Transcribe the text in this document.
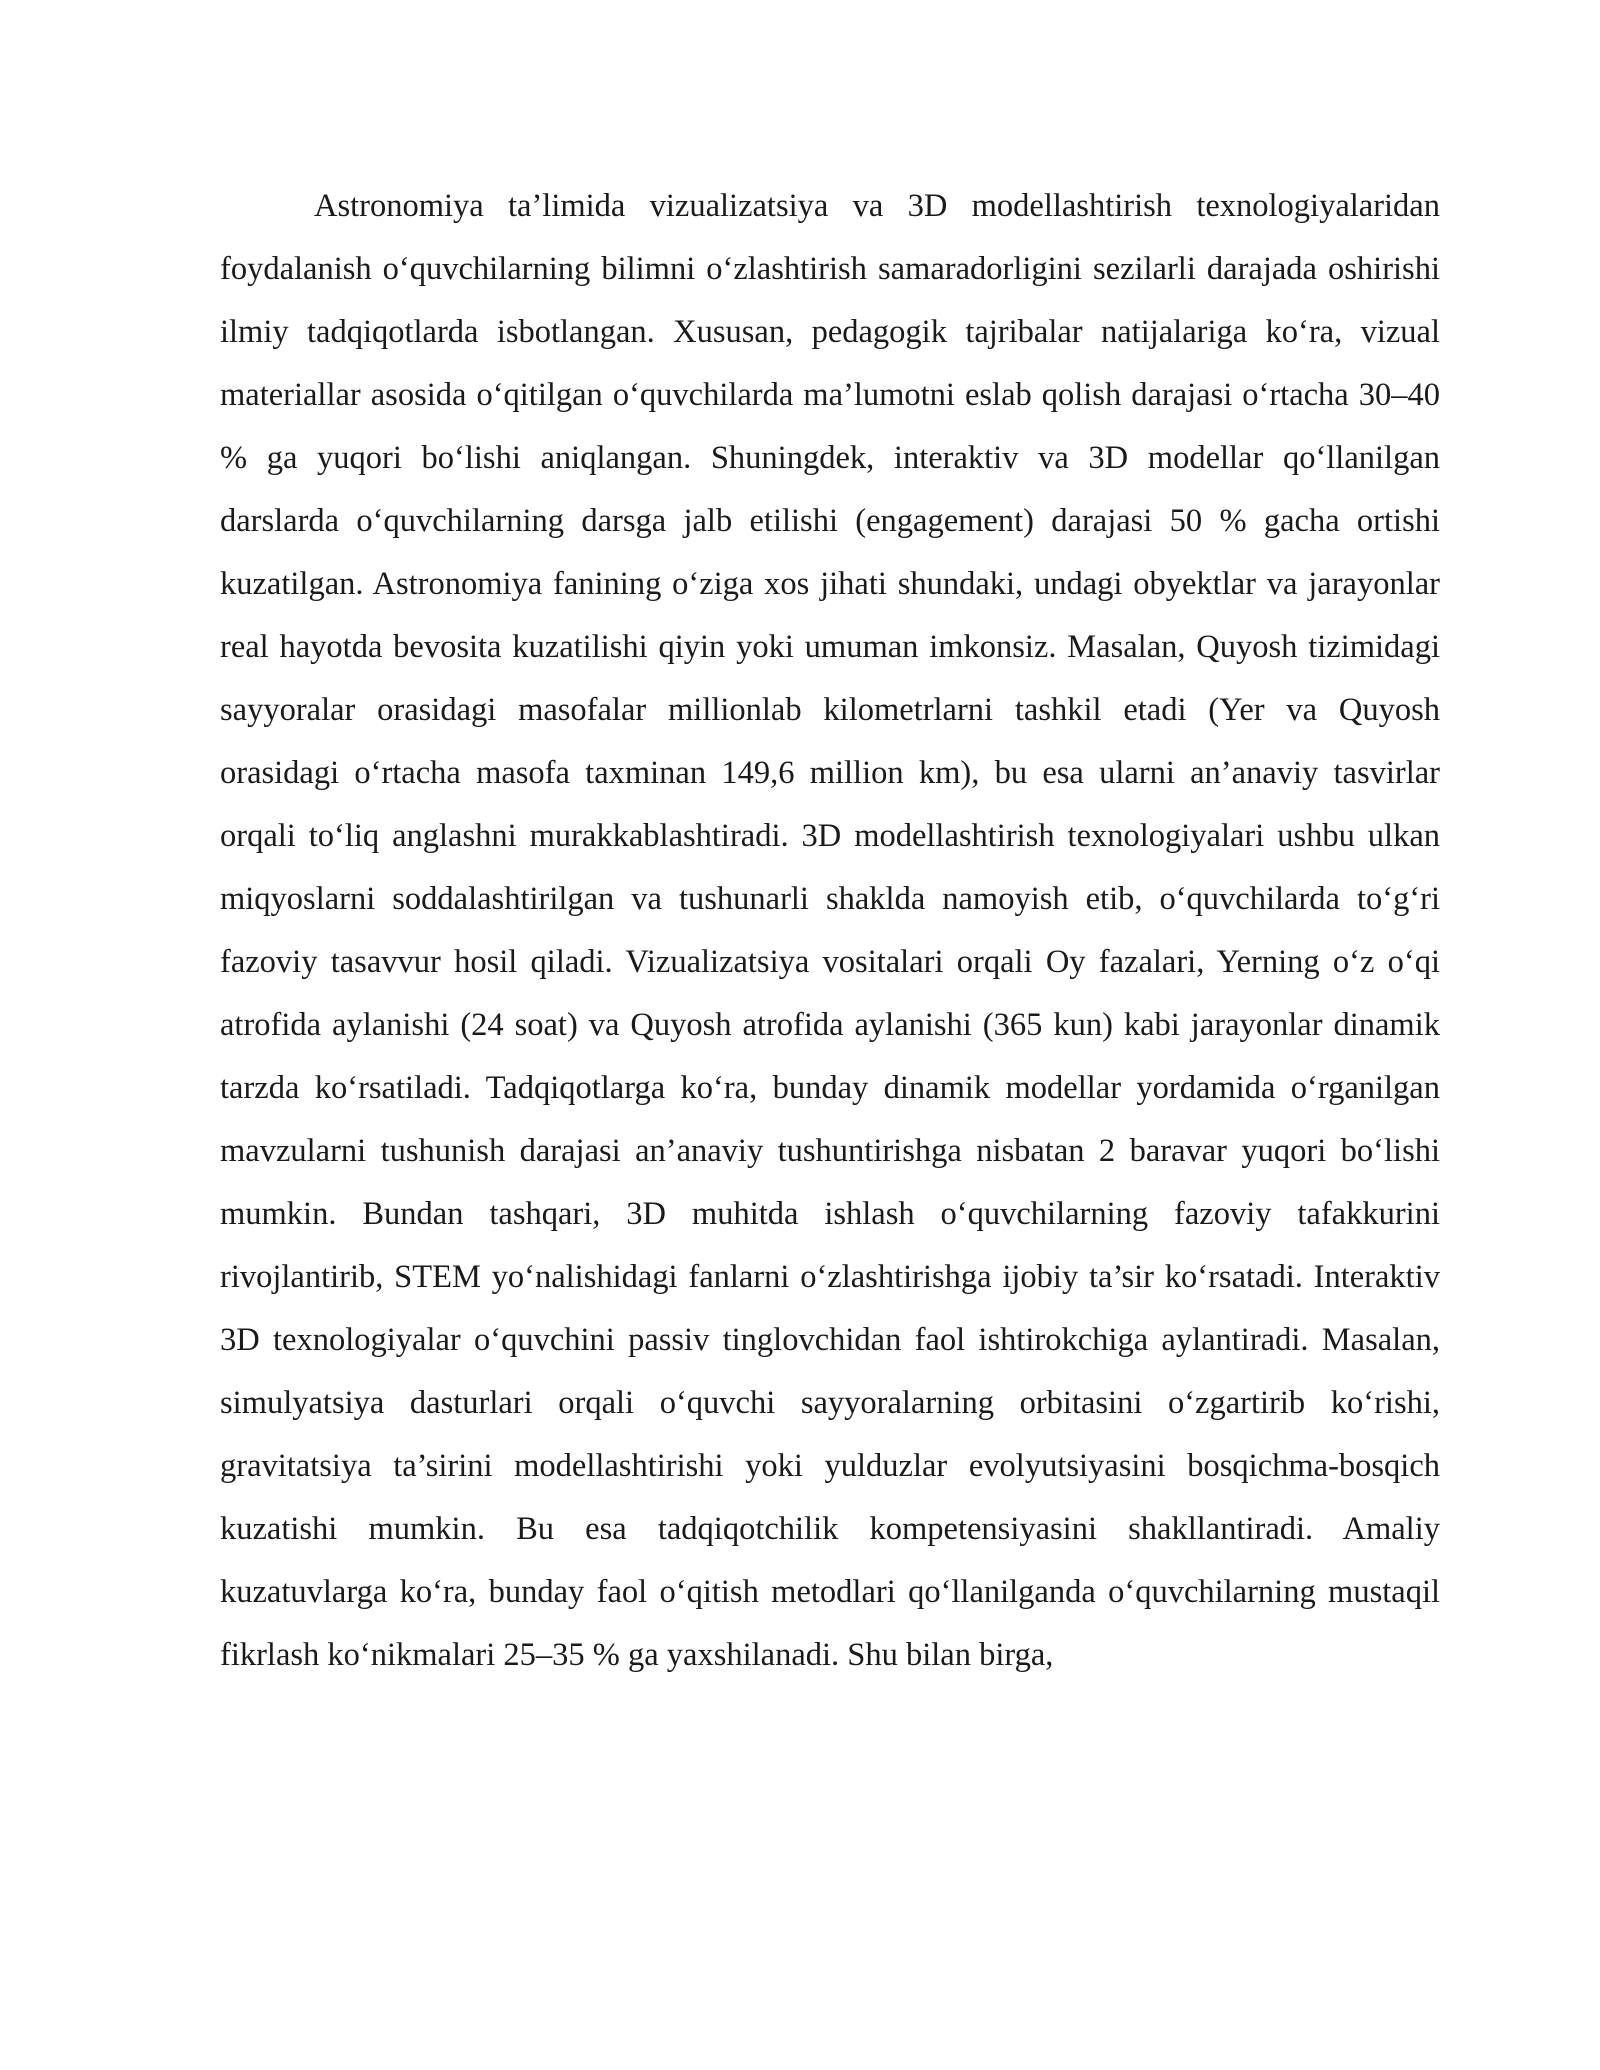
Astronomiya ta’limida vizualizatsiya va 3D modellashtirish texnologiyalaridan foydalanish o‘quvchilarning bilimni o‘zlashtirish samaradorligini sezilarli darajada oshirishi ilmiy tadqiqotlarda isbotlangan. Xususan, pedagogik tajribalar natijalariga ko‘ra, vizual materiallar asosida o‘qitilgan o‘quvchilarda ma’lumotni eslab qolish darajasi o‘rtacha 30–40 % ga yuqori bo‘lishi aniqlangan. Shuningdek, interaktiv va 3D modellar qo‘llanilgan darslarda o‘quvchilarning darsga jalb etilishi (engagement) darajasi 50 % gacha ortishi kuzatilgan. Astronomiya fanining o‘ziga xos jihati shundaki, undagi obyektlar va jarayonlar real hayotda bevosita kuzatilishi qiyin yoki umuman imkonsiz. Masalan, Quyosh tizimidagi sayyoralar orasidagi masofalar millionlab kilometrlarni tashkil etadi (Yer va Quyosh orasidagi o‘rtacha masofa taxminan 149,6 million km), bu esa ularni an’anaviy tasvirlar orqali to‘liq anglashni murakkablashtiradi. 3D modellashtirish texnologiyalari ushbu ulkan miqyoslarni soddalashtirilgan va tushunarli shaklda namoyish etib, o‘quvchilarda to‘g‘ri fazoviy tasavvur hosil qiladi. Vizualizatsiya vositalari orqali Oy fazalari, Yerning o‘z o‘qi atrofida aylanishi (24 soat) va Quyosh atrofida aylanishi (365 kun) kabi jarayonlar dinamik tarzda ko‘rsatiladi. Tadqiqotlarga ko‘ra, bunday dinamik modellar yordamida o‘rganilgan mavzularni tushunish darajasi an’anaviy tushuntirishga nisbatan 2 baravar yuqori bo‘lishi mumkin. Bundan tashqari, 3D muhitda ishlash o‘quvchilarning fazoviy tafakkurini rivojlantirib, STEM yo‘nalishidagi fanlarni o‘zlashtirishga ijobiy ta’sir ko‘rsatadi. Interaktiv 3D texnologiyalar o‘quvchini passiv tinglovchidan faol ishtirokchiga aylantiradi. Masalan, simulyatsiya dasturlari orqali o‘quvchi sayyoralarning orbitasini o‘zgartirib ko‘rishi, gravitatsiya ta’sirini modellashtirishi yoki yulduzlar evolyutsiyasini bosqichma-bosqich kuzatishi mumkin. Bu esa tadqiqotchilik kompetensiyasini shakllantiradi. Amaliy kuzatuvlarga ko‘ra, bunday faol o‘qitish metodlari qo‘llanilganda o‘quvchilarning mustaqil fikrlash ko‘nikmalari 25–35 % ga yaxshilanadi. Shu bilan birga,
